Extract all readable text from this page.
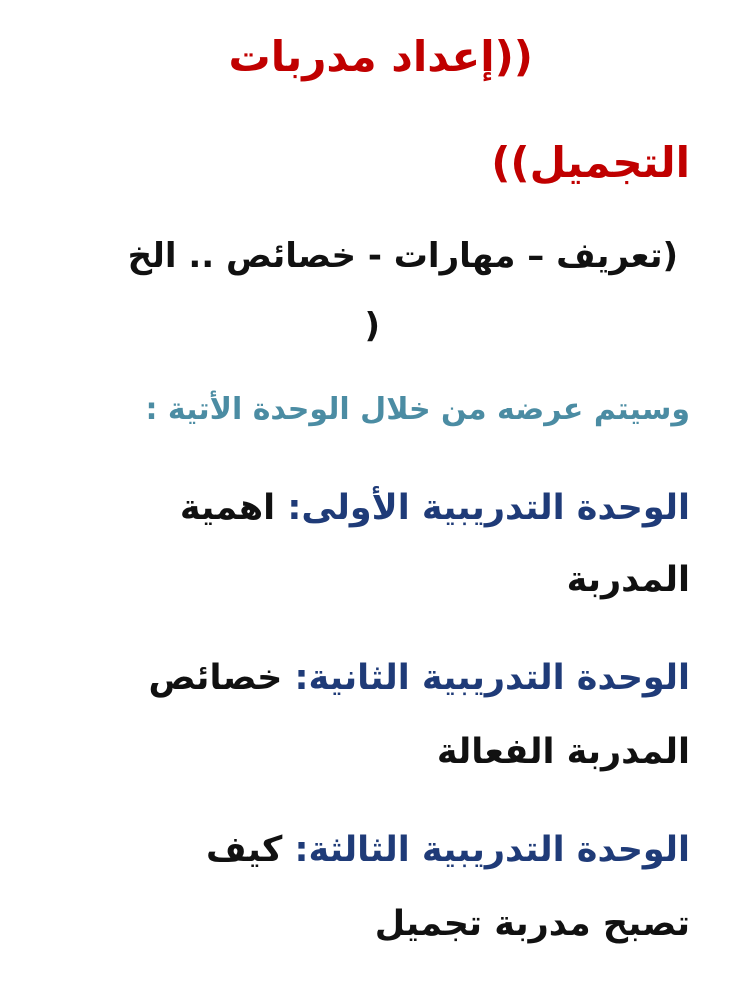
((إعداد مدربات
التجميل))

(تعريف – مهارات - خصائص .. الخ

)

وسيتم عرضه من خلال الوحدة الأتية :

الوحدة التدريبية الأولى: اهمية

المدربة

الوحدة التدريبية الثانية: خصائص

المدربة الفعالة

الوحدة التدريبية الثالثة: كيف

تصبح مدربة تجميل
